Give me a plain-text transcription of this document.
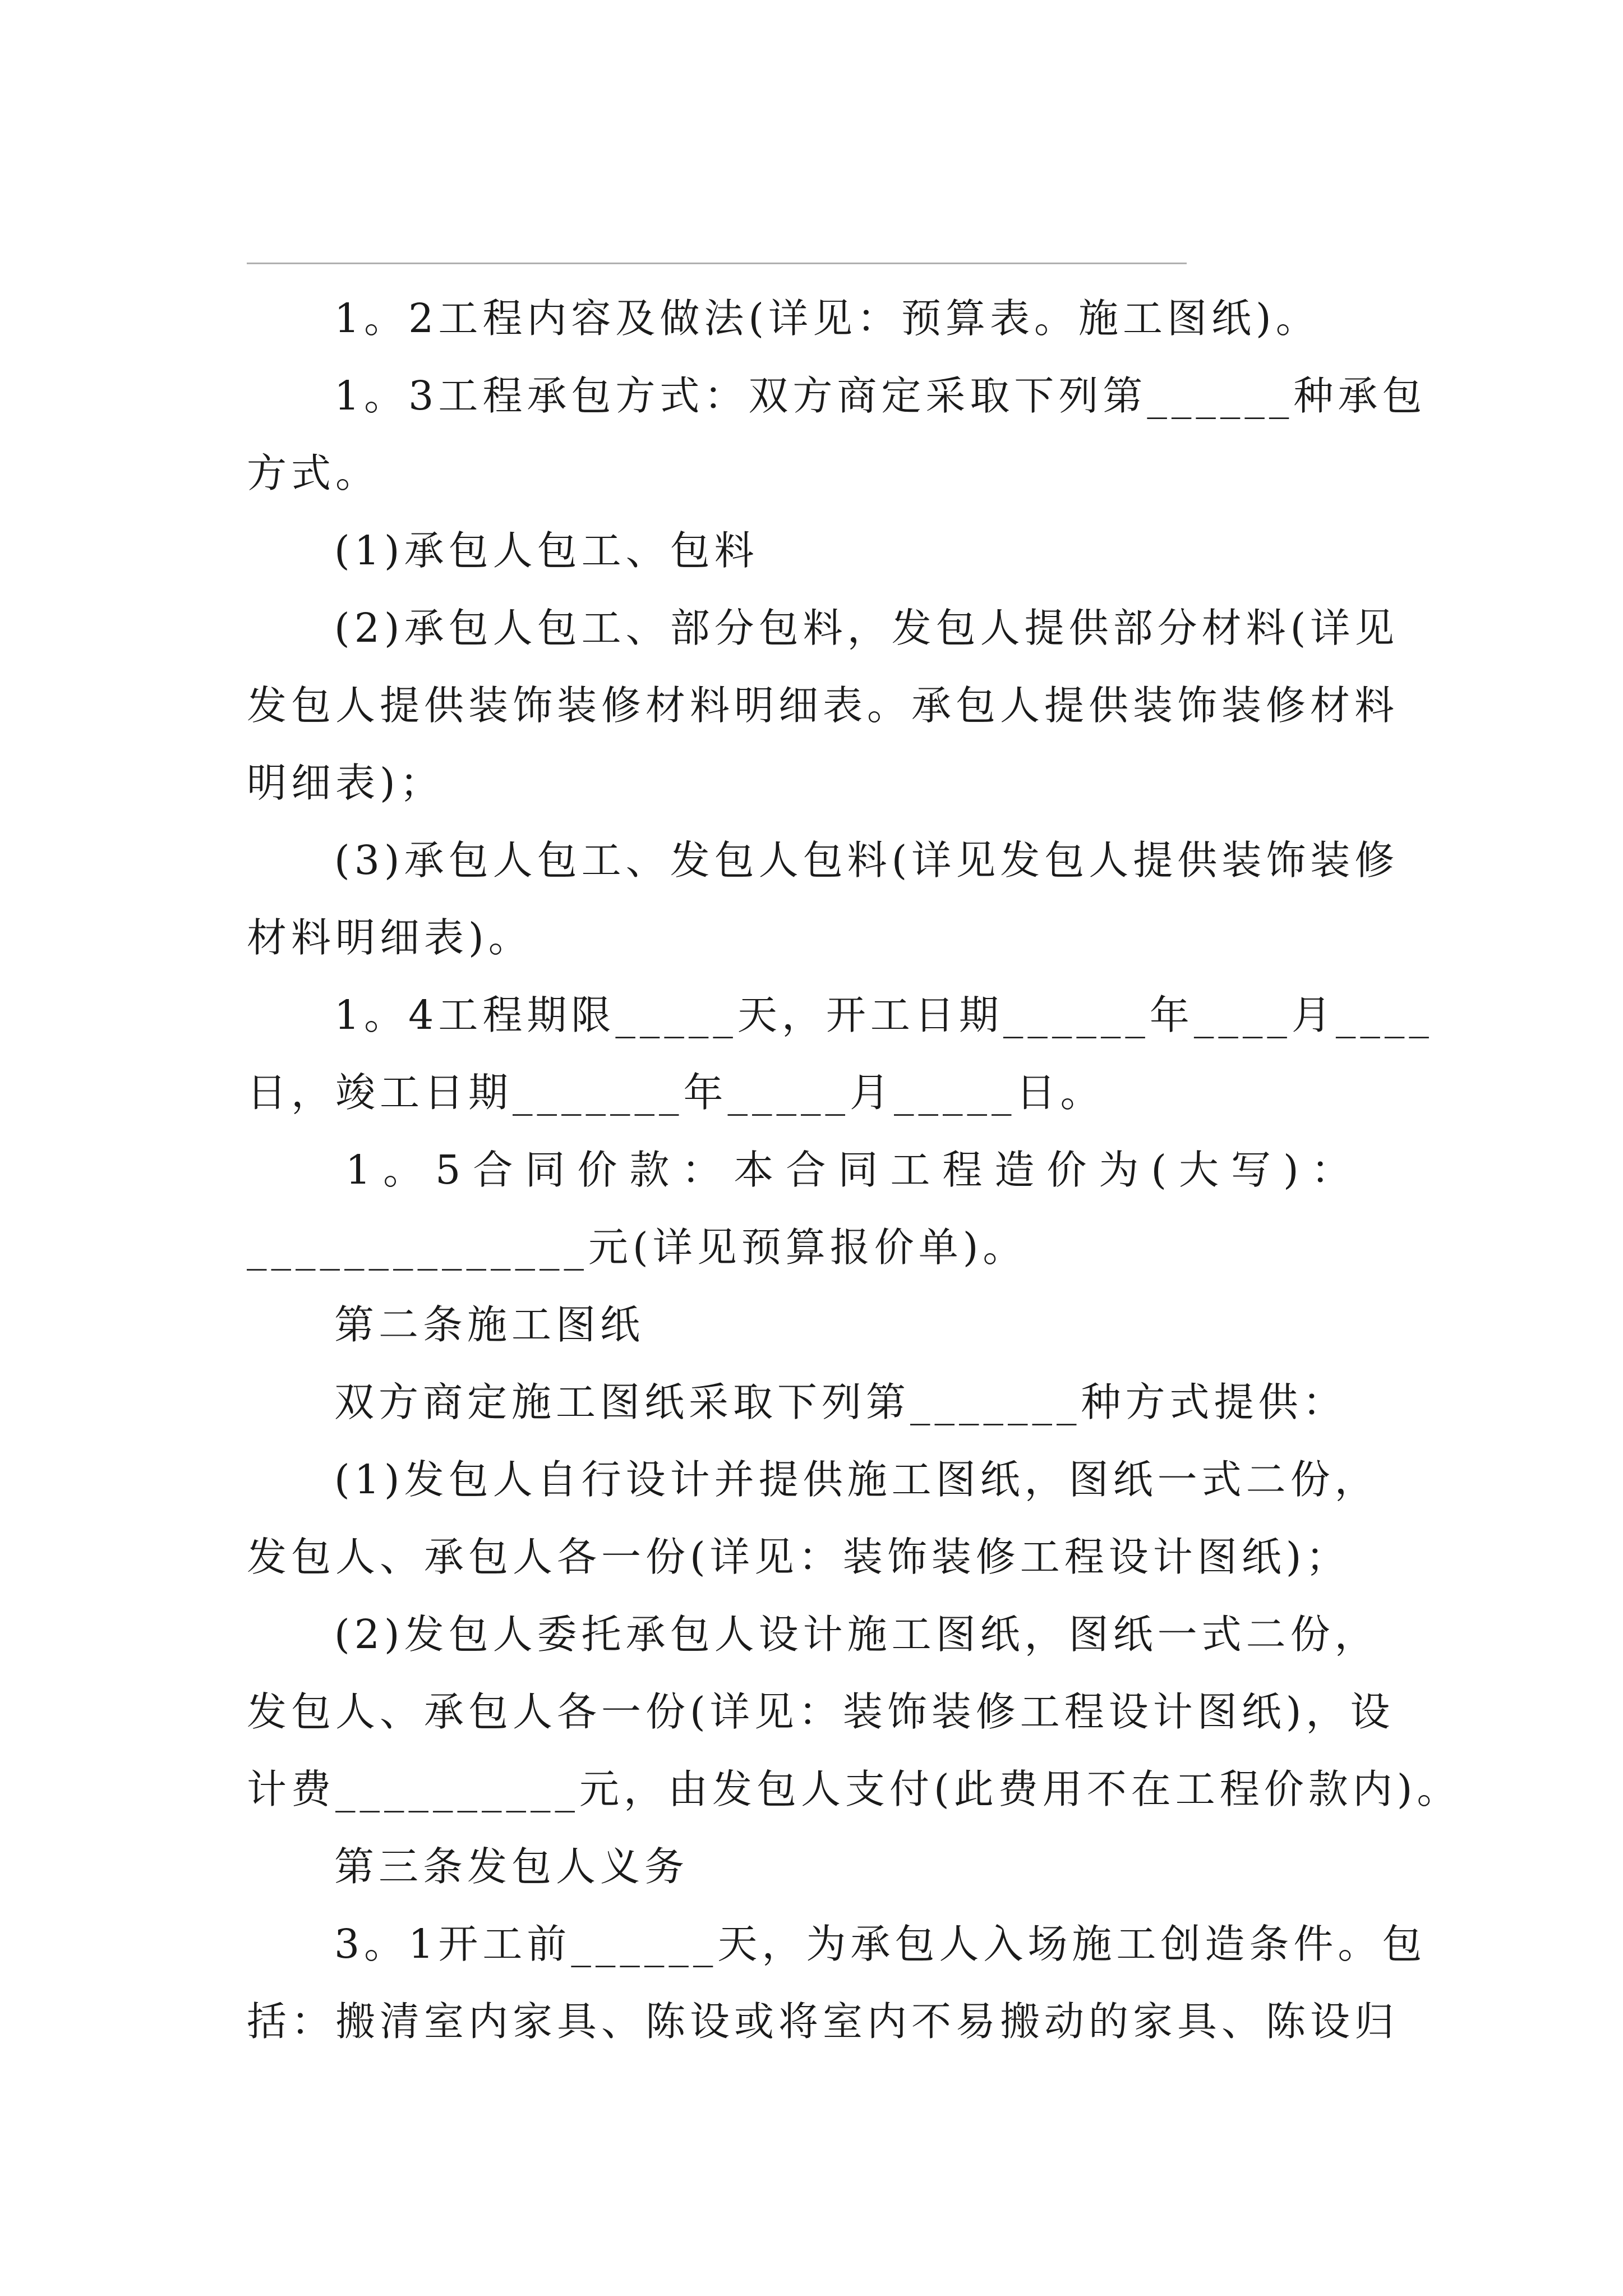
1。2工程内容及做法(详见：预算表。施工图纸)。

1。3工程承包方式：双方商定采取下列第______种承包

方式。

(1)承包人包工、包料

(2)承包人包工、部分包料，发包人提供部分材料(详见

发包人提供装饰装修材料明细表。承包人提供装饰装修材料

明细表)；

(3)承包人包工、发包人包料(详见发包人提供装饰装修

材料明细表)。

1。4工程期限_____天，开工日期______年____月____

日，竣工日期_______年_____月_____日。

1。5合同价款：本合同工程造价为(大写)：

______________元(详见预算报价单)。

第二条施工图纸

双方商定施工图纸采取下列第_______种方式提供：

(1)发包人自行设计并提供施工图纸，图纸一式二份，

发包人、承包人各一份(详见：装饰装修工程设计图纸)；

(2)发包人委托承包人设计施工图纸，图纸一式二份，

发包人、承包人各一份(详见：装饰装修工程设计图纸)，设

计费__________元，由发包人支付(此费用不在工程价款内)。

第三条发包人义务

3。1开工前______天，为承包人入场施工创造条件。包

括：搬清室内家具、陈设或将室内不易搬动的家具、陈设归
